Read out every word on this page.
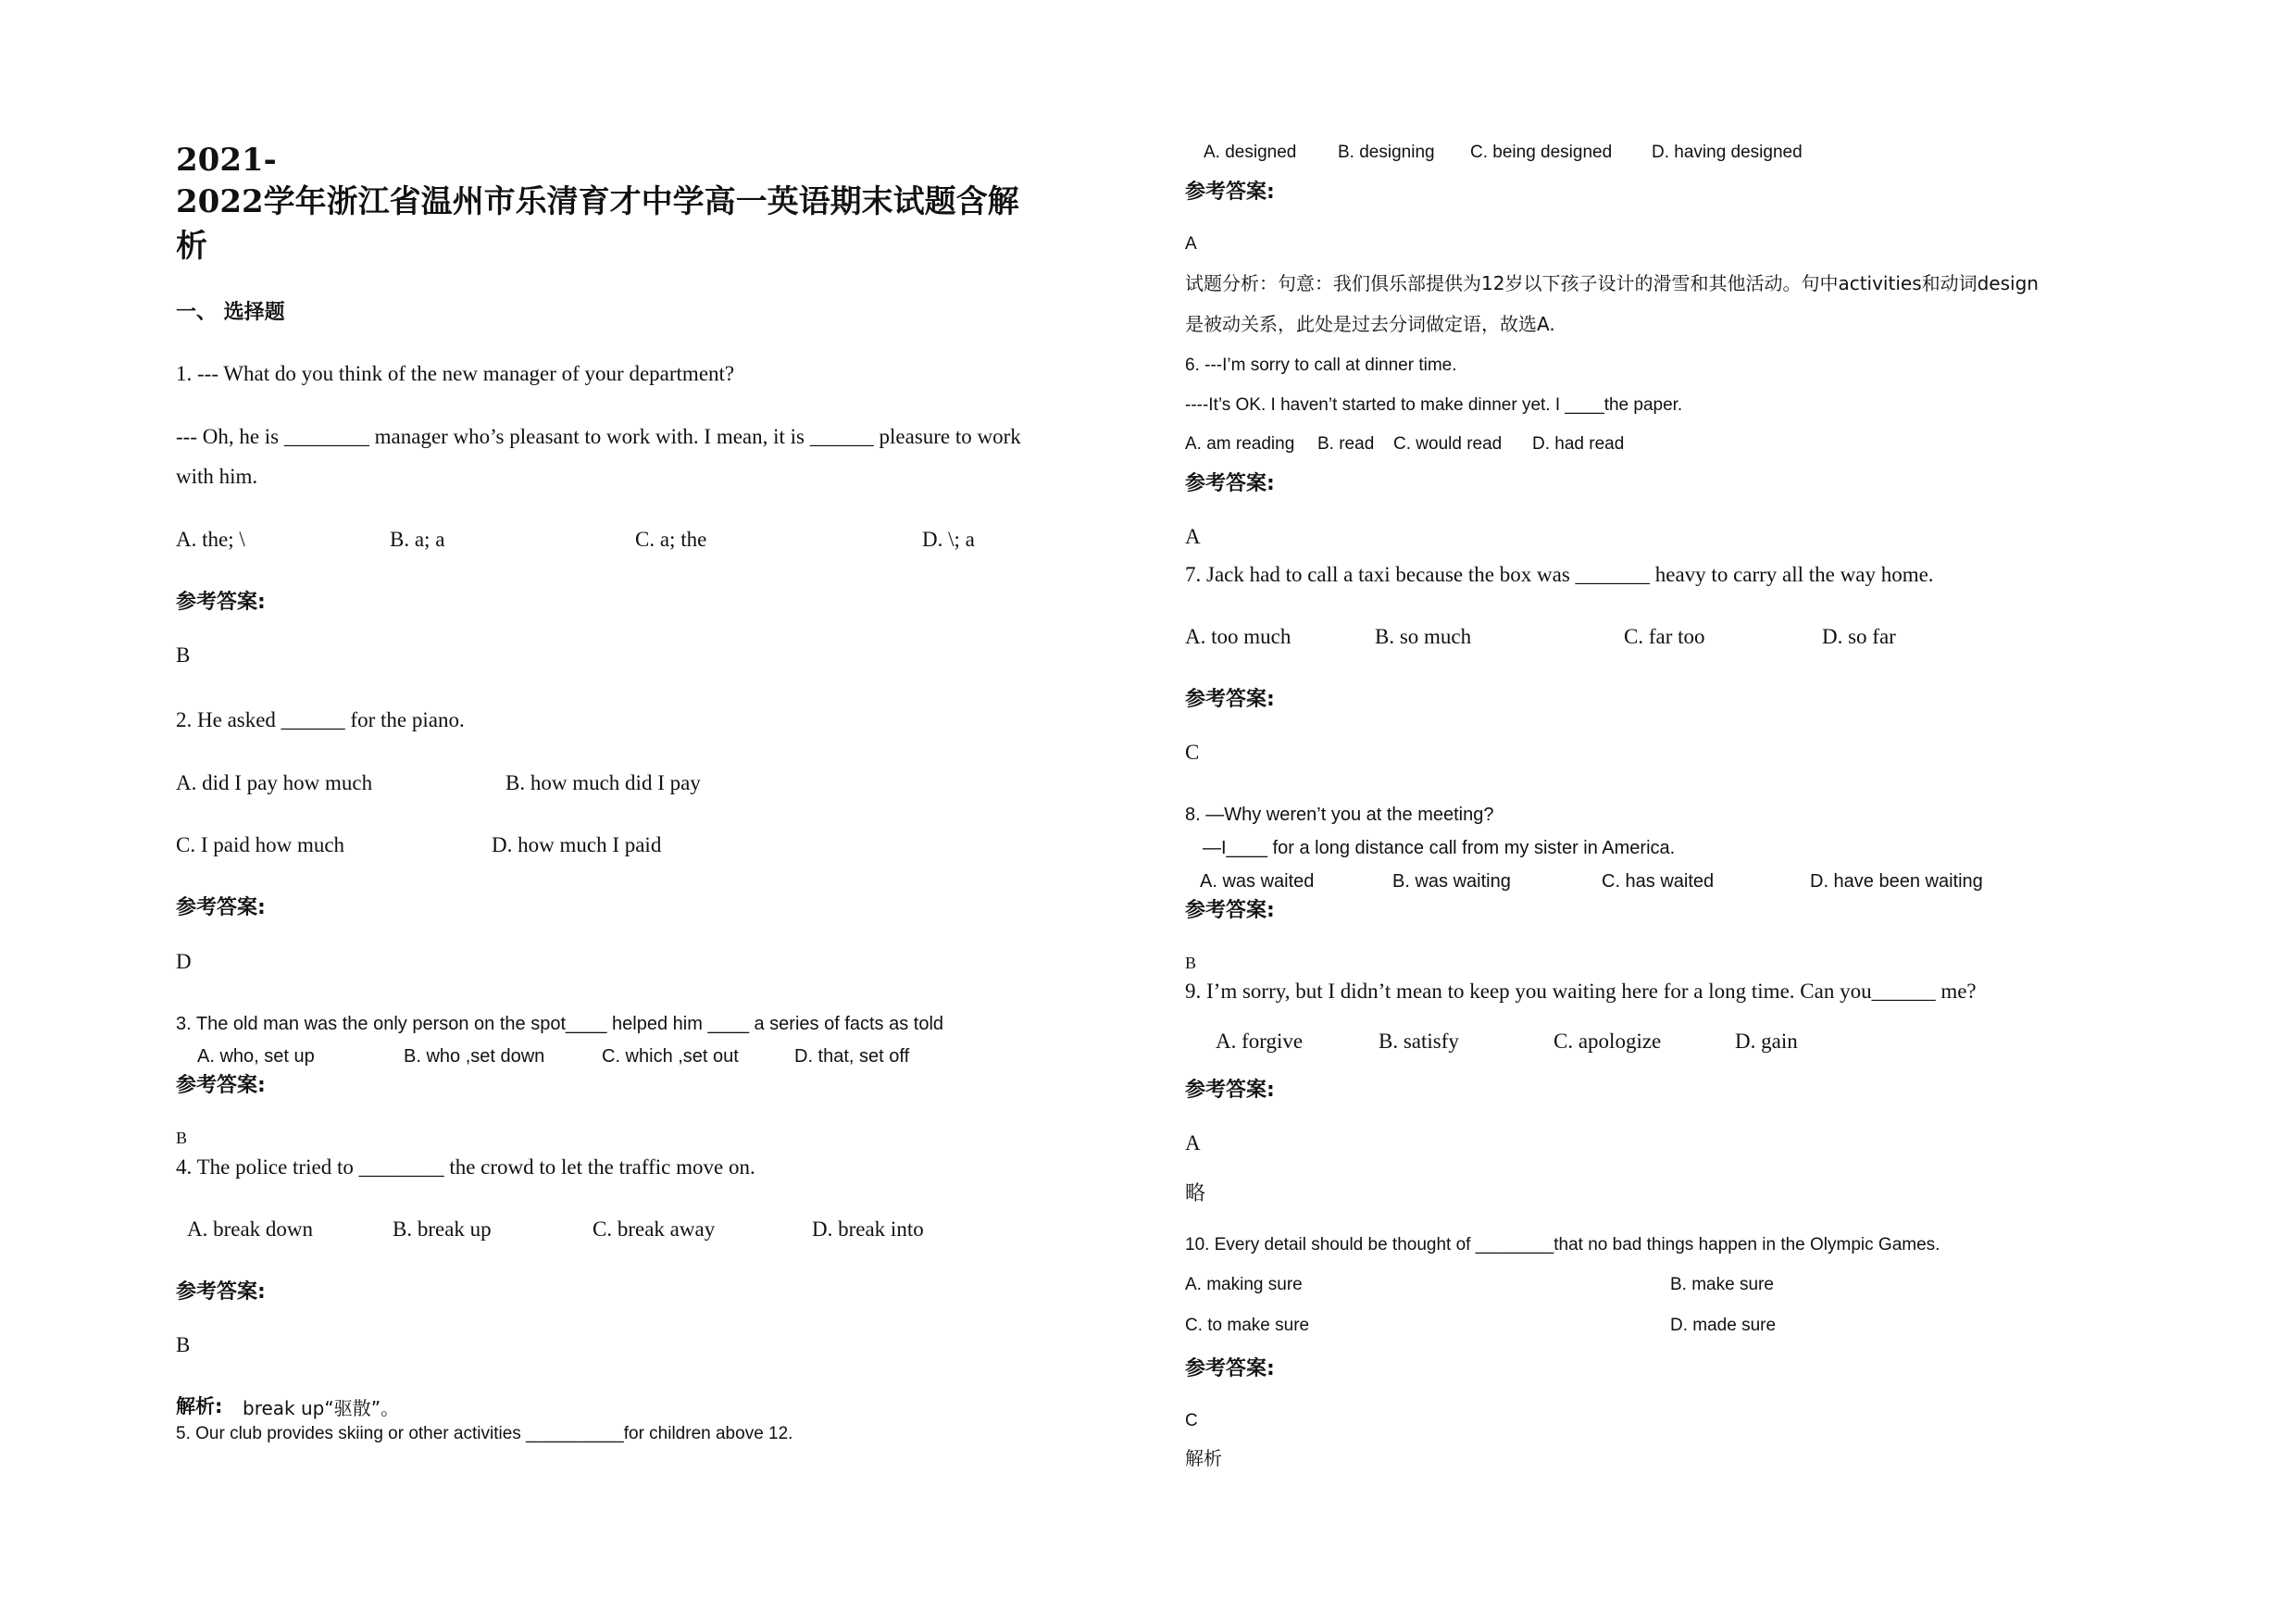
2021-
2022学年浙江省温州市乐清育才中学高一英语期末试题含解
析
一、 选择题
1. --- What do you think of the new manager of your department?
--- Oh, he is ________ manager who’s pleasant to work with. I mean, it is ______ pleasure to work
with him.
A. the; \	B. a; a	C. a; the	D. \; a
参考答案:
B
2. He asked ______ for the piano.
A. did I pay how much	B. how much did I pay
C. I paid how much	D. how much I paid
参考答案:
D
3. The old man was the only person on the spot____ helped him ____ a series of facts as told
A. who, set up	B. who ,set down	C. which ,set out	D. that, set off
参考答案:
B
4. The police tried to ________ the crowd to let the traffic move on.
A. break down	B. break up	C. break away	D. break into
参考答案:
B
解析: break up“驱散”。
5. Our club provides skiing or other activities __________for children above 12.
A. designed B. designing C. being designed D. having designed
参考答案:
A
试题分析：句意：我们俱乐部提供为12岁以下孩子设计的滑雪和其他活动。句中activities和动词design
是被动关系，此处是过去分词做定语，故选A.
6. ---I’m sorry to call at dinner time.
----It’s OK. I haven’t started to make dinner yet. I ____the paper.
A. am reading B. read C. would read D. had read
参考答案:
A
7. Jack had to call a taxi because the box was _______ heavy to carry all the way home.
A. too much	B. so much	C. far too	D. so far
参考答案:
C
8. —Why weren’t you at the meeting?
—I____ for a long distance call from my sister in America.
A. was waited	B. was waiting	C. has waited	D. have been waiting
参考答案:
B
9. I’m sorry, but I didn’t mean to keep you waiting here for a long time. Can you______ me?
A. forgive	B. satisfy	C. apologize	D. gain
参考答案:
A
略
10. Every detail should be thought of ________that no bad things happen in the Olympic Games.
A. making sure	B. make sure
C. to make sure	D. made sure
参考答案:
C
解析
